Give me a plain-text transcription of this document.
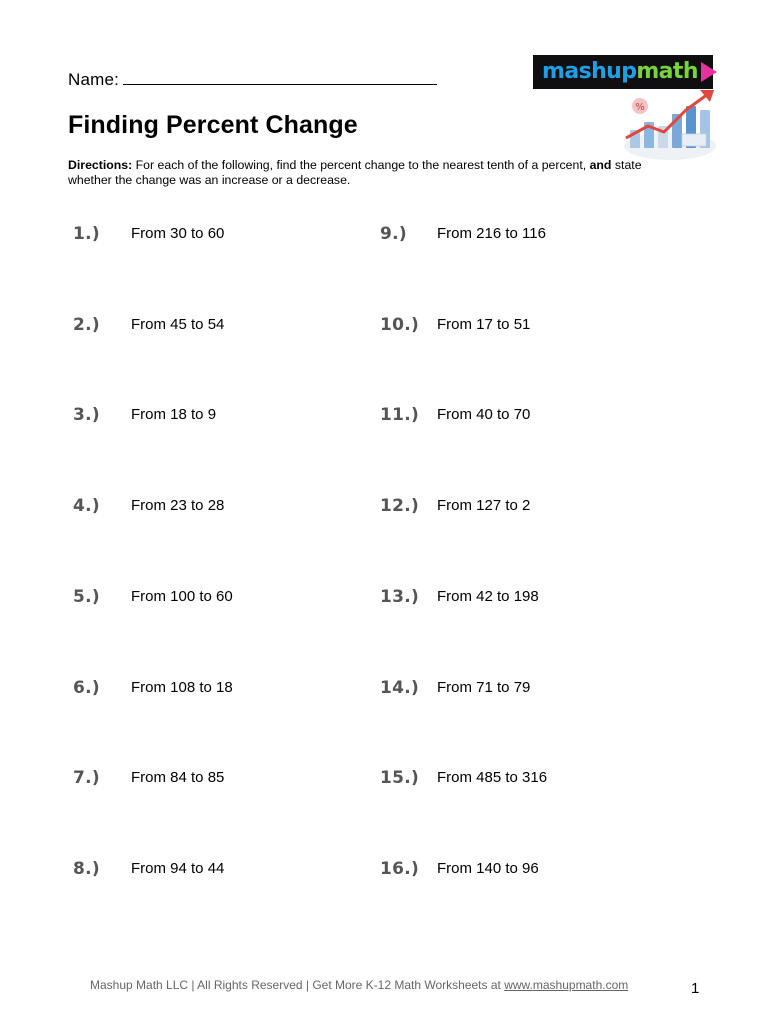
Name:	mashupmath
%
Finding Percent Change
Directions: For each of the following, find the percent change to the nearest tenth of a percent, and state whether the change was an increase or a decrease.
1.) From 30 to 60
2.) From 45 to 54
3.) From 18 to 9
4.) From 23 to 28
5.) From 100 to 60
6.) From 108 to 18
7.) From 84 to 85
8.) From 94 to 44
9.) From 216 to 116
10.) From 17 to 51
11.) From 40 to 70
12.) From 127 to 2
13.) From 42 to 198
14.) From 71 to 79
15.) From 485 to 316
16.) From 140 to 96
Mashup Math LLC | All Rights Reserved | Get More K-12 Math Worksheets at www.mashupmath.com	1
